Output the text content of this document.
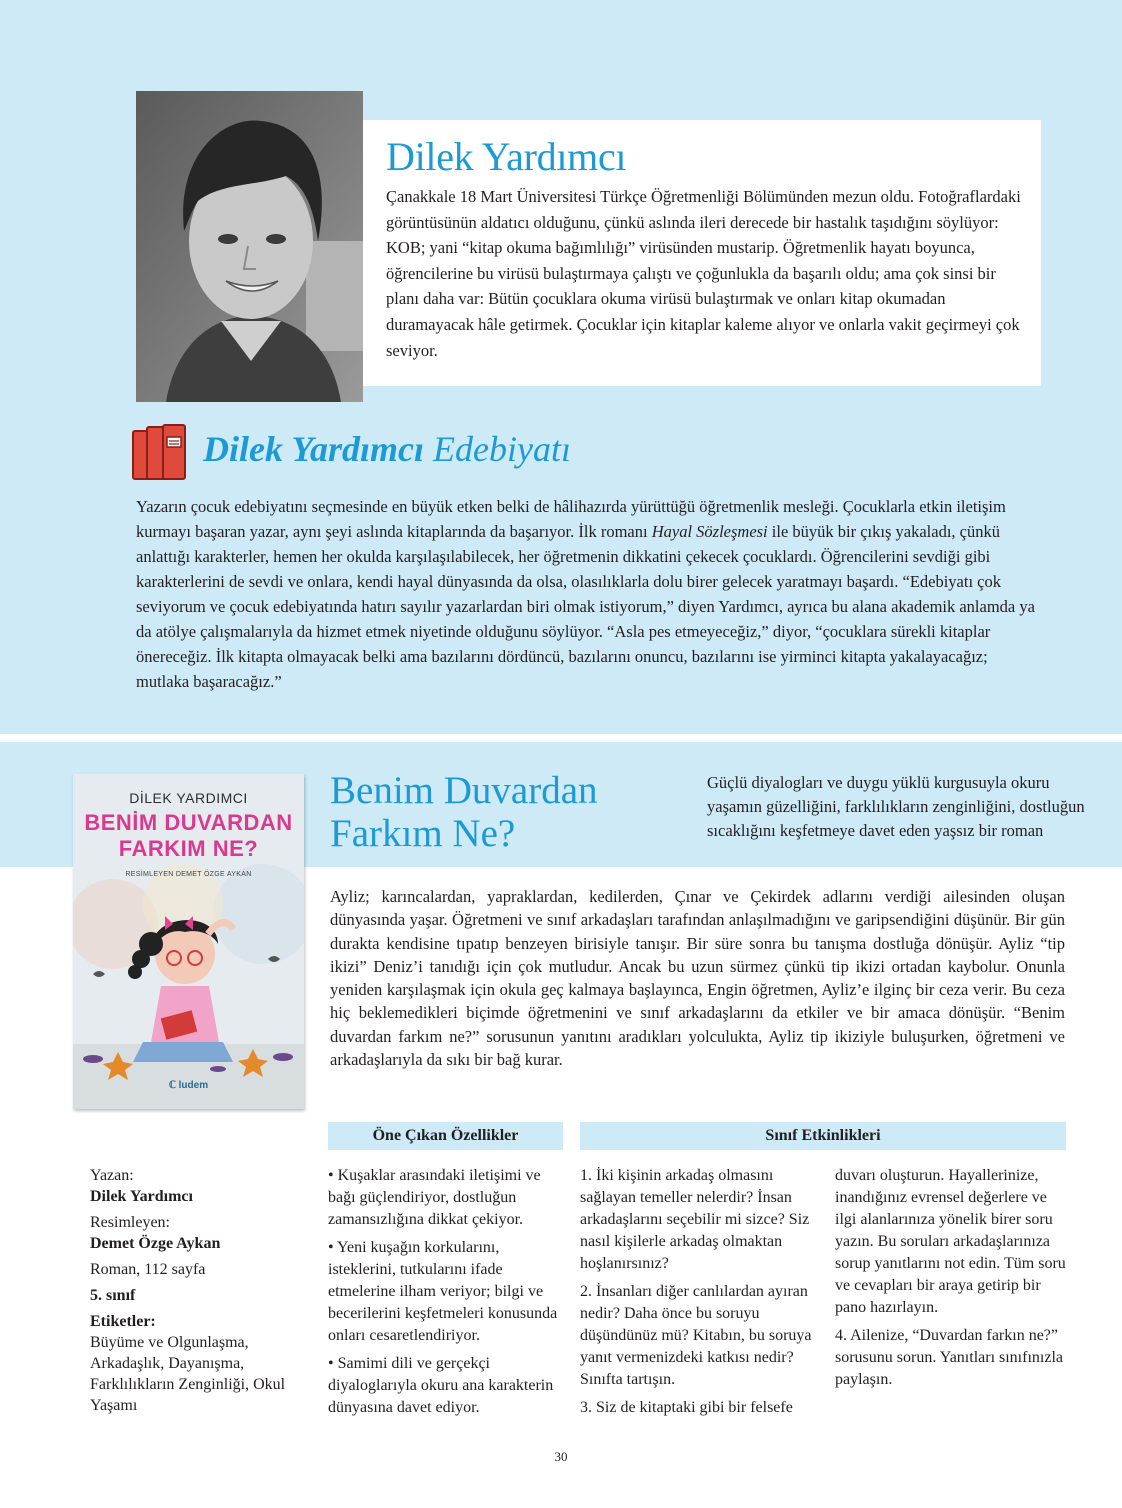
Dilek Yardımcı

Çanakkale 18 Mart Üniversitesi Türkçe Öğretmenliği Bölümünden mezun oldu. Fotoğraflardaki görüntüsünün aldatıcı olduğunu, çünkü aslında ileri derecede bir hastalık taşıdığını söylüyor: KOB; yani “kitap okuma bağımlılığı” virüsünden mustarip. Öğretmenlik hayatı boyunca, öğrencilerine bu virüsü bulaştırmaya çalıştı ve çoğunlukla da başarılı oldu; ama çok sinsi bir planı daha var: Bütün çocuklara okuma virüsü bulaştırmak ve onları kitap okumadan duramayacak hâle getirmek. Çocuklar için kitaplar kaleme alıyor ve onlarla vakit geçirmeyi çok seviyor.

Dilek Yardımcı Edebiyatı

Yazarın çocuk edebiyatını seçmesinde en büyük etken belki de hâlihazırda yürüttüğü öğretmenlik mesleği. Çocuklarla etkin iletişim kurmayı başaran yazar, aynı şeyi aslında kitaplarında da başarıyor. İlk romanı Hayal Sözleşmesi ile büyük bir çıkış yakaladı, çünkü anlattığı karakterler, hemen her okulda karşılaşılabilecek, her öğretmenin dikkatini çekecek çocuklardı. Öğrencilerini sevdiği gibi karakterlerini de sevdi ve onlara, kendi hayal dünyasında da olsa, olasılıklarla dolu birer gelecek yaratmayı başardı. “Edebiyatı çok seviyorum ve çocuk edebiyatında hatırı sayılır yazarlardan biri olmak istiyorum,” diyen Yardımcı, ayrıca bu alana akademik anlamda ya da atölye çalışmalarıyla da hizmet etmek niyetinde olduğunu söylüyor. “Asla pes etmeyeceğiz,” diyor, “çocuklara sürekli kitaplar önereceğiz. İlk kitapta olmayacak belki ama bazılarını dördüncü, bazılarını onuncu, bazılarını ise yirminci kitapta yakalayacağız; mutlaka başaracağız.”

DİLEK YARDIMCI
BENİM DUVARDAN
FARKIM NE?
RESİMLEYEN DEMET ÖZGE AYKAN
ℂ ludem
Benim Duvardan
Farkım Ne?

Güçlü diyalogları ve duygu yüklü kurgusuyla okuru yaşamın güzelliğini, farklılıkların zenginliğini, dostluğun sıcaklığını keşfetmeye davet eden yaşsız bir roman

Ayliz; karıncalardan, yapraklardan, kedilerden, Çınar ve Çekirdek adlarını verdiği ailesinden oluşan dünyasında yaşar. Öğretmeni ve sınıf arkadaşları tarafından anlaşılmadığını ve garipsendiğini düşünür. Bir gün durakta kendisine tıpatıp benzeyen birisiyle tanışır. Bir süre sonra bu tanışma dostluğa dönüşür. Ayliz “tip ikizi” Deniz’i tanıdığı için çok mutludur. Ancak bu uzun sürmez çünkü tip ikizi ortadan kaybolur. Onunla yeniden karşılaşmak için okula geç kalmaya başlayınca, Engin öğretmen, Ayliz’e ilginç bir ceza verir. Bu ceza hiç beklemedikleri biçimde öğretmenini ve sınıf arkadaşlarını da etkiler ve bir amaca dönüşür. “Benim duvardan farkım ne?” sorusunun yanıtını aradıkları yolculukta, Ayliz tip ikiziyle buluşurken, öğretmeni ve arkadaşlarıyla da sıkı bir bağ kurar.

Öne Çıkan Özellikler	Sınıf Etkinlikleri
Yazan:
Dilek Yardımcı
Resimleyen:
Demet Özge Aykan
Roman, 112 sayfa
5. sınıf
Etiketler:
Büyüme ve Olgunlaşma, Arkadaşlık, Dayanışma, Farklılıkların Zenginliği, Okul Yaşamı

• Kuşaklar arasındaki iletişimi ve bağı güçlendiriyor, dostluğun zamansızlığına dikkat çekiyor.

• Yeni kuşağın korkularını, isteklerini, tutkularını ifade etmelerine ilham veriyor; bilgi ve becerilerini keşfetmeleri konusunda onları cesaretlendiriyor.

• Samimi dili ve gerçekçi diyaloglarıyla okuru ana karakterin dünyasına davet ediyor.

1. İki kişinin arkadaş olmasını sağlayan temeller nelerdir? İnsan arkadaşlarını seçebilir mi sizce? Siz nasıl kişilerle arkadaş olmaktan hoşlanırsınız?

2. İnsanları diğer canlılardan ayıran nedir? Daha önce bu soruyu düşündünüz mü? Kitabın, bu soruya yanıt vermenizdeki katkısı nedir? Sınıfta tartışın.

3. Siz de kitaptaki gibi bir felsefe

duvarı oluşturun. Hayallerinize, inandığınız evrensel değerlere ve ilgi alanlarınıza yönelik birer soru yazın. Bu soruları arkadaşlarınıza sorup yanıtlarını not edin. Tüm soru ve cevapları bir araya getirip bir pano hazırlayın.

4. Ailenize, “Duvardan farkın ne?” sorusunu sorun. Yanıtları sınıfınızla paylaşın.

30
